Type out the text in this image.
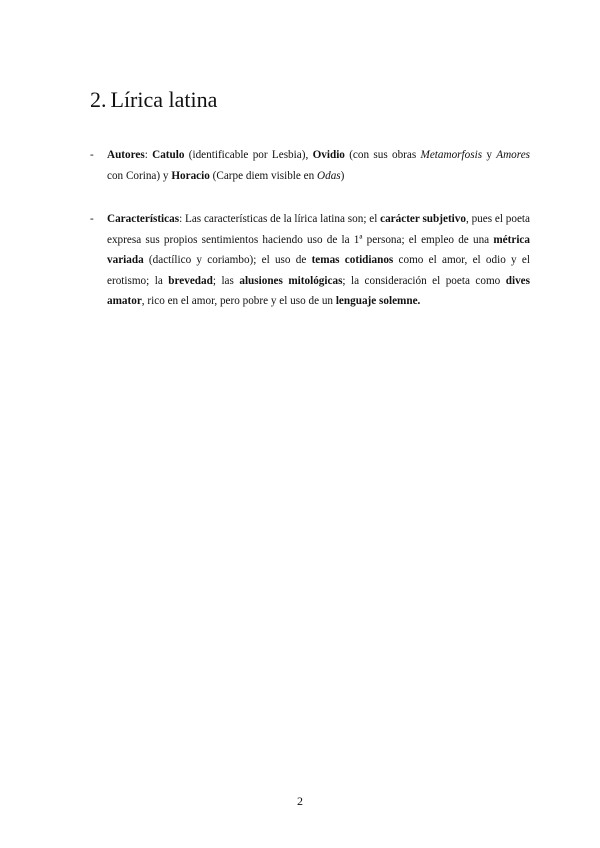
2. Lírica latina
- Autores: Catulo (identificable por Lesbia), Ovidio (con sus obras Metamorfosis y Amores con Corina) y Horacio (Carpe diem visible en Odas)
- Características: Las características de la lírica latina son; el carácter subjetivo, pues el poeta expresa sus propios sentimientos haciendo uso de la 1ª persona; el empleo de una métrica variada (dactílico y coriambo); el uso de temas cotidianos como el amor, el odio y el erotismo; la brevedad; las alusiones mitológicas; la consideración el poeta como dives amator, rico en el amor, pero pobre y el uso de un lenguaje solemne.
2
